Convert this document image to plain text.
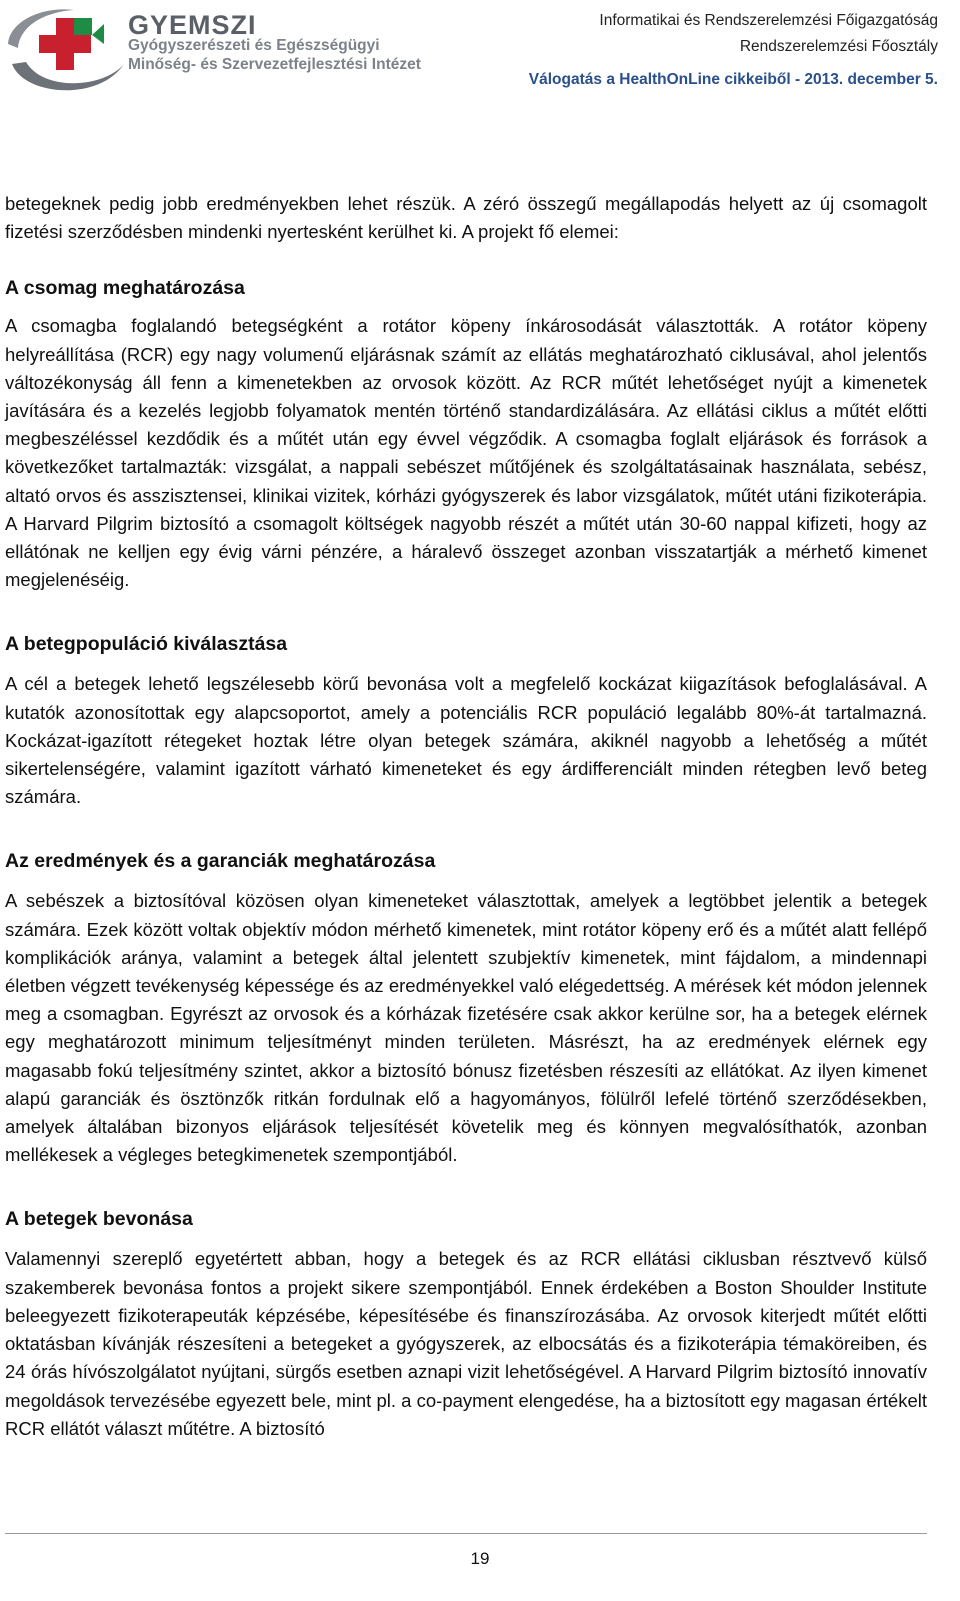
GYEMSZI
Gyógyszerészeti és Egészségügyi
Minőség- és Szervezetfejlesztési Intézet
Informatikai és Rendszerelemzési Főigazgatóság
Rendszerelemzési Főosztály
Válogatás a HealthOnLine cikkeiből - 2013. december 5.

betegeknek pedig jobb eredményekben lehet részük. A zéró összegű megállapodás helyett az új csomagolt fizetési szerződésben mindenki nyertesként kerülhet ki. A projekt fő elemei:

A csomag meghatározása

A csomagba foglalandó betegségként a rotátor köpeny ínkárosodását választották. A rotátor köpeny helyreállítása (RCR) egy nagy volumenű eljárásnak számít az ellátás meghatározható ciklusával, ahol jelentős változékonyság áll fenn a kimenetekben az orvosok között. Az RCR műtét lehetőséget nyújt a kimenetek javítására és a kezelés legjobb folyamatok mentén történő standardizálására. Az ellátási ciklus a műtét előtti megbeszéléssel kezdődik és a műtét után egy évvel végződik. A csomagba foglalt eljárások és források a következőket tartalmazták: vizsgálat, a nappali sebészet műtőjének és szolgáltatásainak használata, sebész, altató orvos és asszisztensei, klinikai vizitek, kórházi gyógyszerek és labor vizsgálatok, műtét utáni fizikoterápia. A Harvard Pilgrim biztosító a csomagolt költségek nagyobb részét a műtét után 30-60 nappal kifizeti, hogy az ellátónak ne kelljen egy évig várni pénzére, a háralevő összeget azonban visszatartják a mérhető kimenet megjelenéséig.

A betegpopuláció kiválasztása

A cél a betegek lehető legszélesebb körű bevonása volt a megfelelő kockázat kiigazítások befoglalásával. A kutatók azonosítottak egy alapcsoportot, amely a potenciális RCR populáció legalább 80%-át tartalmazná. Kockázat-igazított rétegeket hoztak létre olyan betegek számára, akiknél nagyobb a lehetőség a műtét sikertelenségére, valamint igazított várható kimeneteket és egy árdifferenciált minden rétegben levő beteg számára.

Az eredmények és a garanciák meghatározása

A sebészek a biztosítóval közösen olyan kimeneteket választottak, amelyek a legtöbbet jelentik a betegek számára. Ezek között voltak objektív módon mérhető kimenetek, mint rotátor köpeny erő és a műtét alatt fellépő komplikációk aránya, valamint a betegek által jelentett szubjektív kimenetek, mint fájdalom, a mindennapi életben végzett tevékenység képessége és az eredményekkel való elégedettség. A mérések két módon jelennek meg a csomagban. Egyrészt az orvosok és a kórházak fizetésére csak akkor kerülne sor, ha a betegek elérnek egy meghatározott minimum teljesítményt minden területen. Másrészt, ha az eredmények elérnek egy magasabb fokú teljesítmény szintet, akkor a biztosító bónusz fizetésben részesíti az ellátókat. Az ilyen kimenet alapú garanciák és ösztönzők ritkán fordulnak elő a hagyományos, fölülről lefelé történő szerződésekben, amelyek általában bizonyos eljárások teljesítését követelik meg és könnyen megvalósíthatók, azonban mellékesek a végleges betegkimenetek szempontjából.

A betegek bevonása

Valamennyi szereplő egyetértett abban, hogy a betegek és az RCR ellátási ciklusban résztvevő külső szakemberek bevonása fontos a projekt sikere szempontjából. Ennek érdekében a Boston Shoulder Institute beleegyezett fizikoterapeuták képzésébe, képesítésébe és finanszírozásába. Az orvosok kiterjedt műtét előtti oktatásban kívánják részesíteni a betegeket a gyógyszerek, az elbocsátás és a fizikoterápia témaköreiben, és 24 órás hívószolgálatot nyújtani, sürgős esetben aznapi vizit lehetőségével. A Harvard Pilgrim biztosító innovatív megoldások tervezésébe egyezett bele, mint pl. a co-payment elengedése, ha a biztosított egy magasan értékelt RCR ellátót választ műtétre. A biztosító

19
